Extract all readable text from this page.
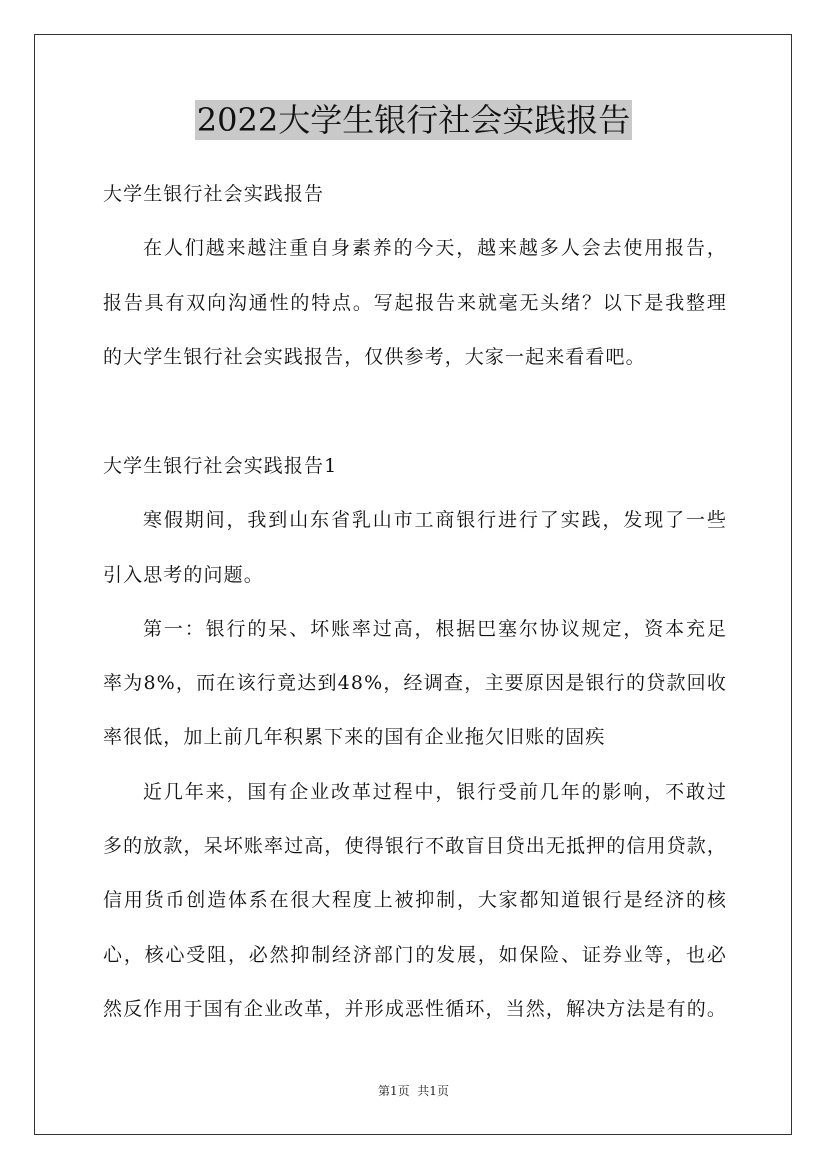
2022大学生银行社会实践报告
大学生银行社会实践报告
在人们越来越注重自身素养的今天，越来越多人会去使用报告，
报告具有双向沟通性的特点。写起报告来就毫无头绪？以下是我整理
的大学生银行社会实践报告，仅供参考，大家一起来看看吧。
大学生银行社会实践报告1
寒假期间，我到山东省乳山市工商银行进行了实践，发现了一些
引入思考的问题。
第一：银行的呆、坏账率过高，根据巴塞尔协议规定，资本充足
率为8%，而在该行竟达到48%，经调查，主要原因是银行的贷款回收
率很低，加上前几年积累下来的国有企业拖欠旧账的固疾
近几年来，国有企业改革过程中，银行受前几年的影响，不敢过
多的放款，呆坏账率过高，使得银行不敢盲目贷出无抵押的信用贷款，
信用货币创造体系在很大程度上被抑制，大家都知道银行是经济的核
心，核心受阻，必然抑制经济部门的发展，如保险、证券业等，也必
然反作用于国有企业改革，并形成恶性循环，当然，解决方法是有的。
第1页  共1页
